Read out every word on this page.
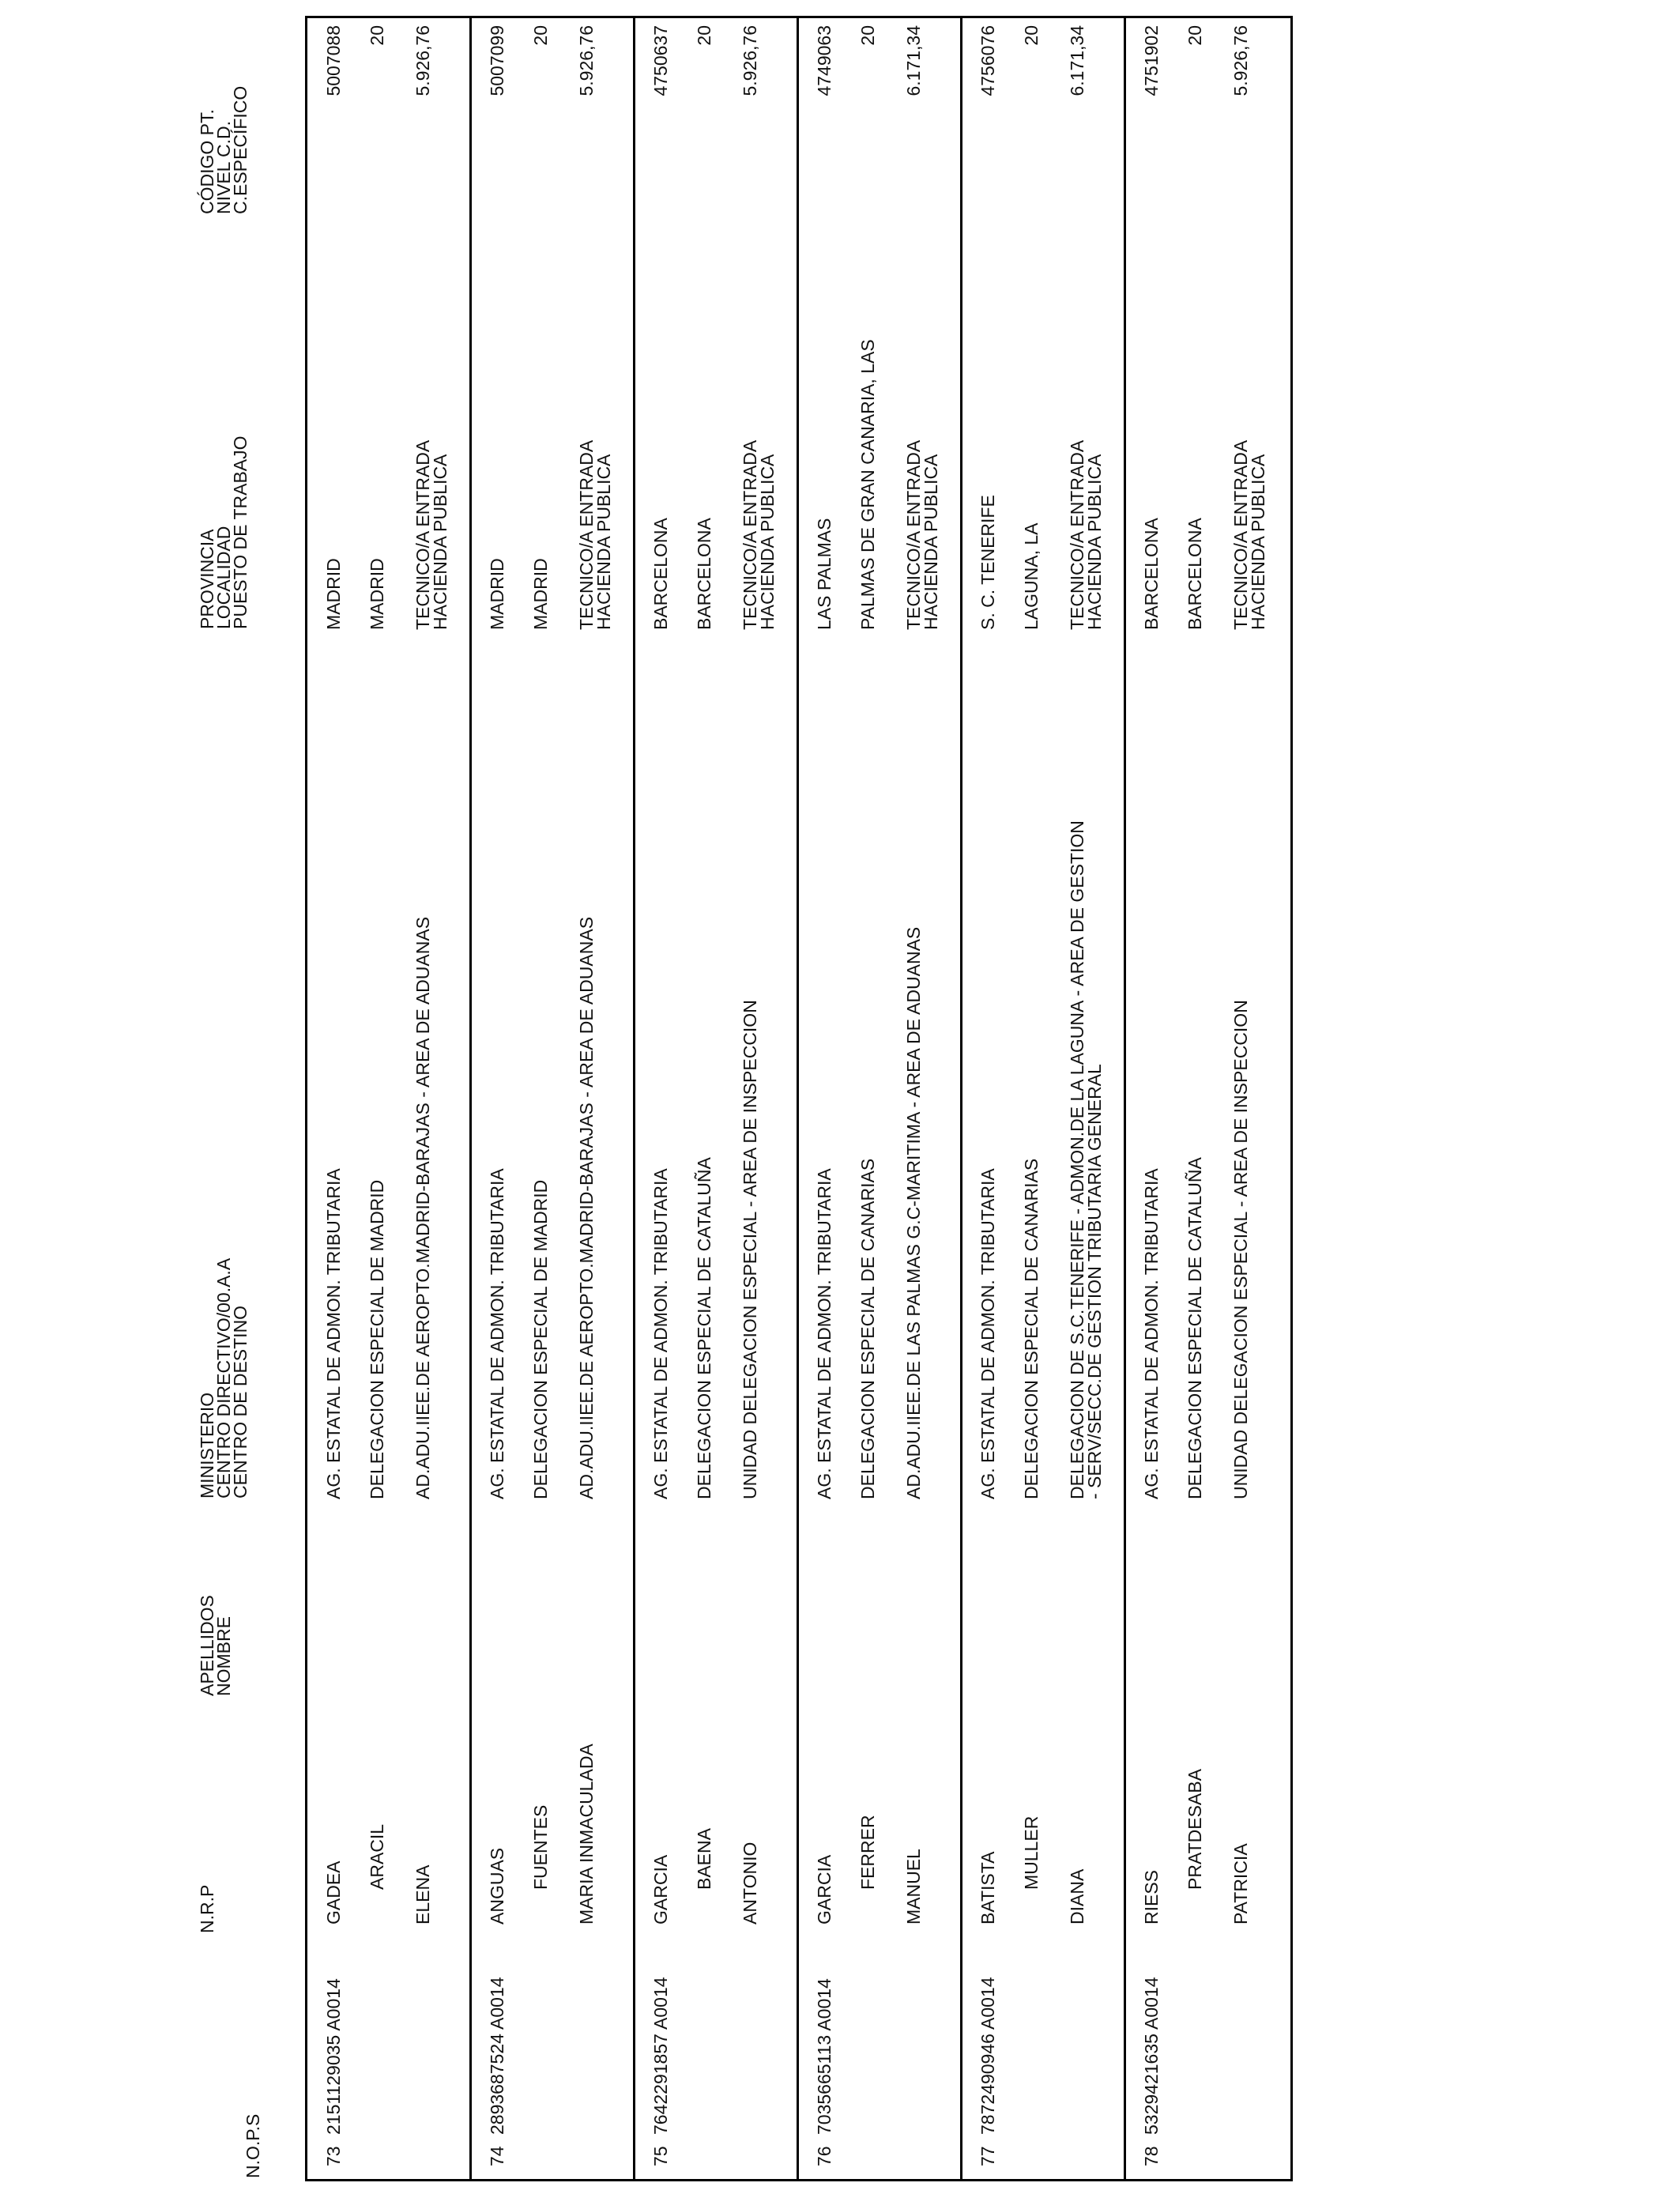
N.O.P.S
N.R.P
APELLIDOS
NOMBRE
MINISTERIO
CENTRO DIRECTIVO/00.A.A
CENTRO DE DESTINO
PROVINCIA
LOCALIDAD
PUESTO DE TRABAJO
CÓDIGO PT.
NIVEL C.D.
C.ESPECÍFICO
73
2151129035 A0014
GADEA
ARACIL
ELENA
AG. ESTATAL DE ADMON. TRIBUTARIA DELEGACION ESPECIAL DE MADRID AD.ADU.IIEE.DE AEROPTO.MADRID-BARAJAS - AREA DE ADUANAS
MADRID MADRID TECNICO/A ENTRADA HACIENDA PUBLICA
5007088 20 5.926,76
74
2893687524 A0014
ANGUAS FUENTES MARIA INMACULADA
AG. ESTATAL DE ADMON. TRIBUTARIA DELEGACION ESPECIAL DE MADRID AD.ADU.IIEE.DE AEROPTO.MADRID-BARAJAS - AREA DE ADUANAS
MADRID MADRID TECNICO/A ENTRADA HACIENDA PUBLICA
5007099 20 5.926,76
75
7642291857 A0014
GARCIA BAENA ANTONIO
AG. ESTATAL DE ADMON. TRIBUTARIA DELEGACION ESPECIAL DE CATALUÑA UNIDAD DELEGACION ESPECIAL - AREA DE INSPECCION
BARCELONA BARCELONA TECNICO/A ENTRADA HACIENDA PUBLICA
4750637 20 5.926,76
76
7035665113 A0014
GARCIA FERRER MANUEL
AG. ESTATAL DE ADMON. TRIBUTARIA DELEGACION ESPECIAL DE CANARIAS AD.ADU.IIEE.DE LAS PALMAS G.C-MARITIMA - AREA DE ADUANAS
LAS PALMAS PALMAS DE GRAN CANARIA, LAS TECNICO/A ENTRADA HACIENDA PUBLICA
4749063 20 6.171,34
77
7872490946 A0014
BATISTA MULLER
DIANA
AG. ESTATAL DE ADMON. TRIBUTARIA DELEGACION ESPECIAL DE CANARIAS DELEGACION DE S.C.TENERIFE - ADMON.DE LA LAGUNA - AREA DE GESTION - SERV/SECC.DE GESTION TRIBUTARIA GENERAL
S. C. TENERIFE LAGUNA, LA TECNICO/A ENTRADA HACIENDA PUBLICA
4756076 20 6.171,34
78
5329421635 A0014
RIESS
PRATDESABA PATRICIA
AG. ESTATAL DE ADMON. TRIBUTARIA DELEGACION ESPECIAL DE CATALUÑA UNIDAD DELEGACION ESPECIAL - AREA DE INSPECCION
BARCELONA BARCELONA TECNICO/A ENTRADA HACIENDA PUBLICA
4751902 20 5.926,76
